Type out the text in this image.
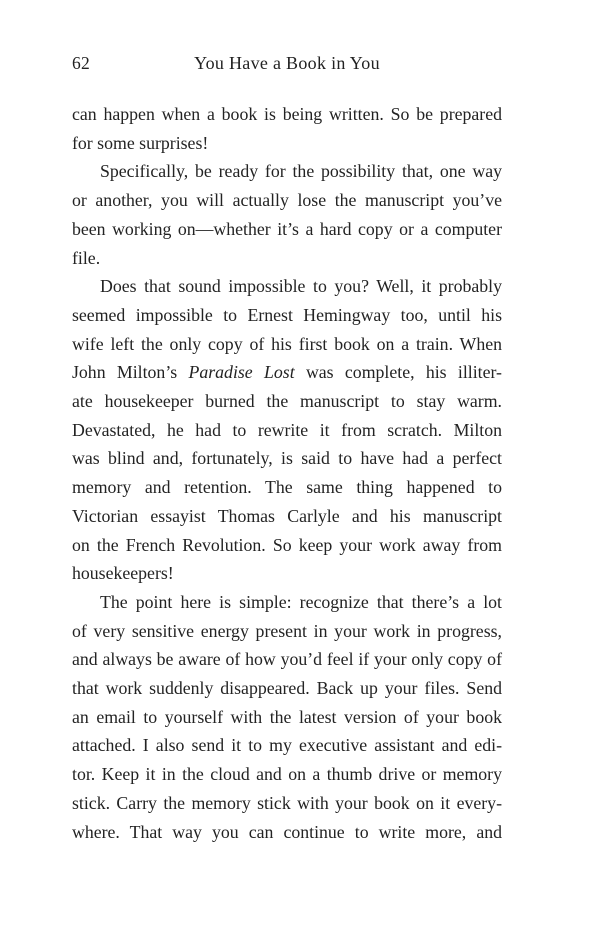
62	You Have a Book in You
can happen when a book is being written. So be prepared
for some surprises!
Specifically, be ready for the possibility that, one way
or another, you will actually lose the manuscript you’ve
been working on—whether it’s a hard copy or a computer
file.
Does that sound impossible to you? Well, it probably
seemed impossible to Ernest Hemingway too, until his
wife left the only copy of his first book on a train. When
John Milton’s Paradise Lost was complete, his illiter-
ate housekeeper burned the manuscript to stay warm.
Devastated, he had to rewrite it from scratch. Milton
was blind and, fortunately, is said to have had a perfect
memory and retention. The same thing happened to
Victorian essayist Thomas Carlyle and his manuscript
on the French Revolution. So keep your work away from
housekeepers!
The point here is simple: recognize that there’s a lot
of very sensitive energy present in your work in progress,
and always be aware of how you’d feel if your only copy of
that work suddenly disappeared. Back up your files. Send
an email to yourself with the latest version of your book
attached. I also send it to my executive assistant and edi-
tor. Keep it in the cloud and on a thumb drive or memory
stick. Carry the memory stick with your book on it every-
where. That way you can continue to write more, and
